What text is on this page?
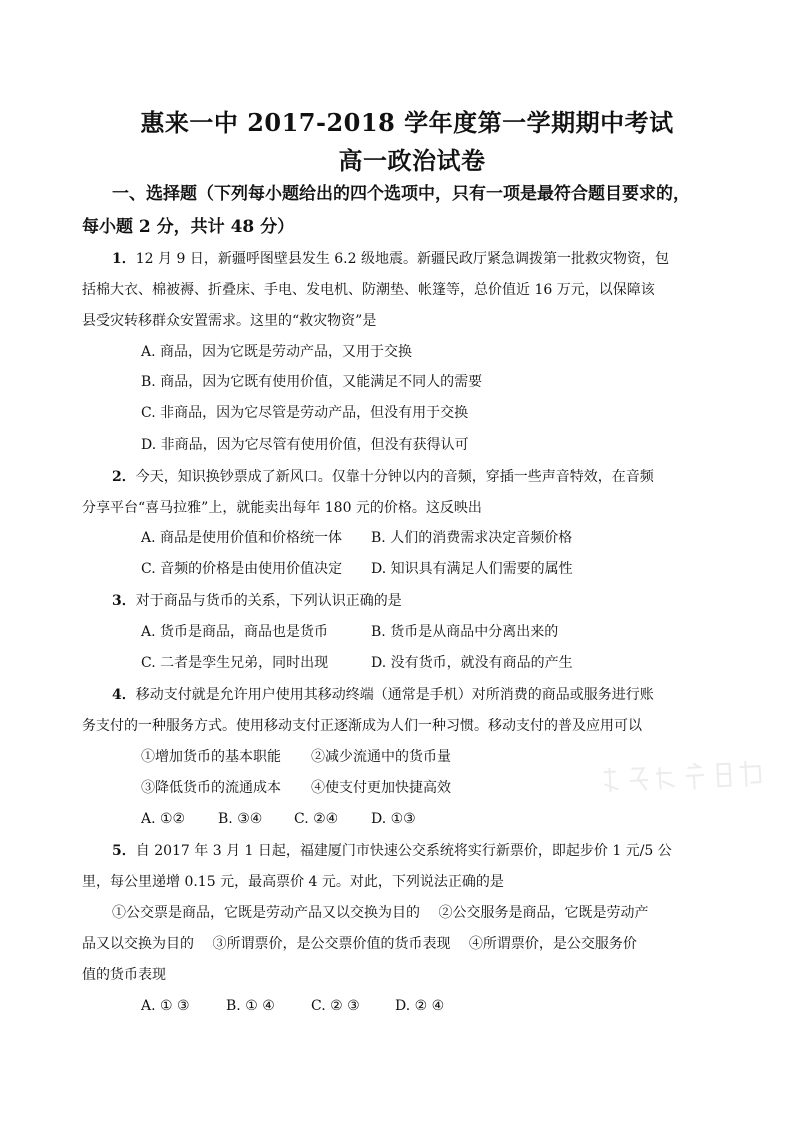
惠来一中 2017-2018 学年度第一学期期中考试
高一政治试卷
一、选择题（下列每小题给出的四个选项中，只有一项是最符合题目要求的，
每小题 2 分，共计 48 分）
1．12 月 9 日，新疆呼图壁县发生 6.2 级地震。新疆民政厅紧急调拨第一批救灾物资，包
括棉大衣、棉被褥、折叠床、手电、发电机、防潮垫、帐篷等，总价值近 16 万元，以保障该
县受灾转移群众安置需求。这里的“救灾物资”是
A. 商品，因为它既是劳动产品，又用于交换
B. 商品，因为它既有使用价值，又能满足不同人的需要
C. 非商品，因为它尽管是劳动产品，但没有用于交换
D. 非商品，因为它尽管有使用价值，但没有获得认可
2．今天，知识换钞票成了新风口。仅靠十分钟以内的音频，穿插一些声音特效，在音频
分享平台“喜马拉雅”上，就能卖出每年 180 元的价格。这反映出
A. 商品是使用价值和价格统一体 B. 人们的消费需求决定音频价格
C. 音频的价格是由使用价值决定 D. 知识具有满足人们需要的属性
3．对于商品与货币的关系，下列认识正确的是
A. 货币是商品，商品也是货币	B. 货币是从商品中分离出来的
C. 二者是孪生兄弟，同时出现	D. 没有货币，就没有商品的产生
4．移动支付就是允许用户使用其移动终端（通常是手机）对所消费的商品或服务进行账
务支付的一种服务方式。使用移动支付正逐渐成为人们一种习惯。移动支付的普及应用可以
①增加货币的基本职能 ②减少流通中的货币量
③降低货币的流通成本 ④使支付更加快捷高效
A. ①② B. ③④ C. ②④ D. ①③
5．自 2017 年 3 月 1 日起，福建厦门市快速公交系统将实行新票价，即起步价 1 元/5 公
里，每公里递增 0.15 元，最高票价 4 元。对此，下列说法正确的是
①公交票是商品，它既是劳动产品又以交换为目的　 ②公交服务是商品，它既是劳动产
品又以交换为目的　 ③所谓票价，是公交票价值的货币表现　 ④所谓票价，是公交服务价
值的货币表现
A. ① ③	B. ① ④	C. ② ③	D. ② ④
